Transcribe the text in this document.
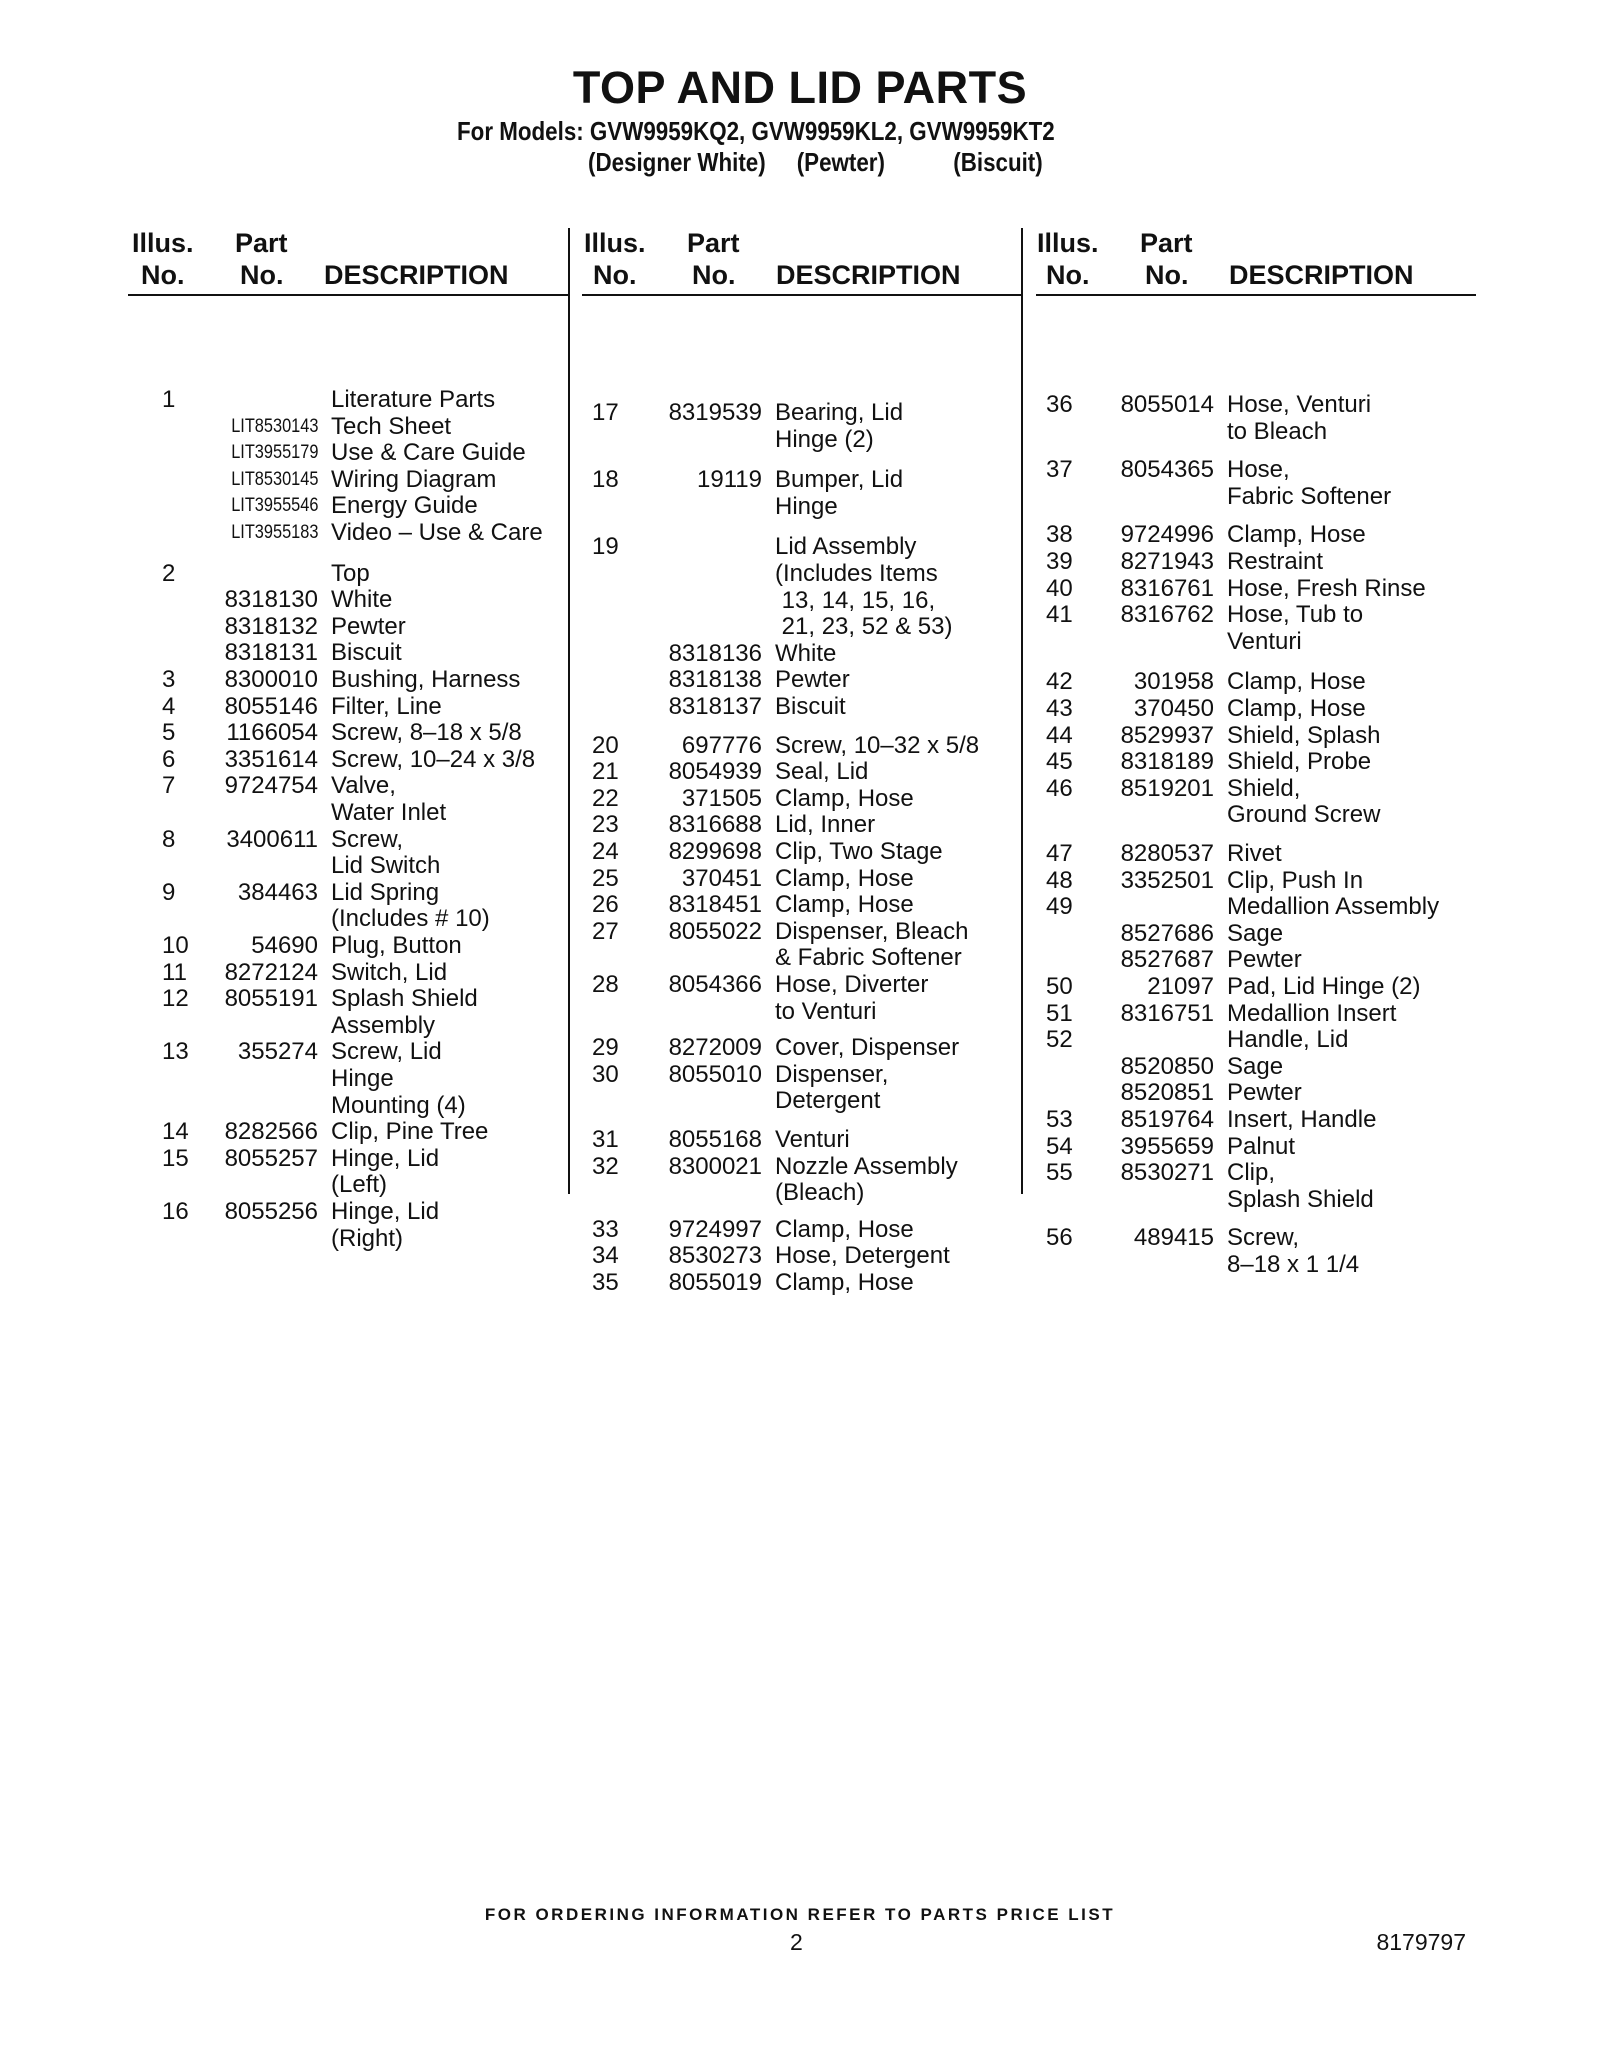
TOP AND LID PARTS
For Models: GVW9959KQ2, GVW9959KL2, GVW9959KT2
(Designer White)     (Pewter)           (Biscuit)
Illus.
No.
Part
No. DESCRIPTION
1	Literature Parts
LIT8530143 Tech Sheet
LIT3955179 Use & Care Guide
LIT8530145 Wiring Diagram
LIT3955546 Energy Guide
LIT3955183 Video – Use & Care
2	Top
8318130 White
8318132 Pewter
8318131 Biscuit
3 8300010 Bushing, Harness
4 8055146 Filter, Line
5 1166054 Screw, 8–18 x 5/8
6 3351614 Screw, 10–24 x 3/8
7 9724754 Valve,
Water Inlet
8 3400611 Screw,
Lid Switch
9	384463 Lid Spring
(Includes # 10)
10	54690 Plug, Button
11 8272124 Switch, Lid
12 8055191 Splash Shield
Assembly
13 355274 Screw, Lid
Hinge
Mounting (4)
14 8282566 Clip, Pine Tree
15 8055257 Hinge, Lid
(Left)
16 8055256 Hinge, Lid
(Right)
Illus.
No.
Part
No. DESCRIPTION
17 8319539 Bearing, Lid
Hinge (2)
18	19119 Bumper, Lid
Hinge
19	Lid Assembly
(Includes Items
13, 14, 15, 16,
21, 23, 52 & 53)
8318136 White
8318138 Pewter
8318137 Biscuit
20	697776 Screw, 10–32 x 5/8
21 8054939 Seal, Lid
22	371505 Clamp, Hose
23 8316688 Lid, Inner
24 8299698 Clip, Two Stage
25	370451 Clamp, Hose
26 8318451 Clamp, Hose
27 8055022 Dispenser, Bleach
& Fabric Softener
28 8054366 Hose, Diverter
to Venturi
29 8272009 Cover, Dispenser
30 8055010 Dispenser,
Detergent
31 8055168 Venturi
32 8300021 Nozzle Assembly
(Bleach)
33 9724997 Clamp, Hose
34 8530273 Hose, Detergent
35 8055019 Clamp, Hose
Illus.
No.
Part
No. DESCRIPTION
36 8055014 Hose, Venturi
to Bleach
37 8054365 Hose,
Fabric Softener
38 9724996 Clamp, Hose
39 8271943 Restraint
40 8316761 Hose, Fresh Rinse
41 8316762 Hose, Tub to
Venturi
42	301958 Clamp, Hose
43	370450 Clamp, Hose
44 8529937 Shield, Splash
45 8318189 Shield, Probe
46 8519201 Shield,
Ground Screw
47 8280537 Rivet
48 3352501 Clip, Push In
49	Medallion Assembly
8527686 Sage
8527687 Pewter
50	21097 Pad, Lid Hinge (2)
51 8316751 Medallion Insert
52	Handle, Lid
8520850 Sage
8520851 Pewter
53 8519764 Insert, Handle
54 3955659 Palnut
55 8530271 Clip,
Splash Shield
56	489415 Screw,
8–18 x 1 1/4
FOR ORDERING INFORMATION REFER TO PARTS PRICE LIST
2	8179797
